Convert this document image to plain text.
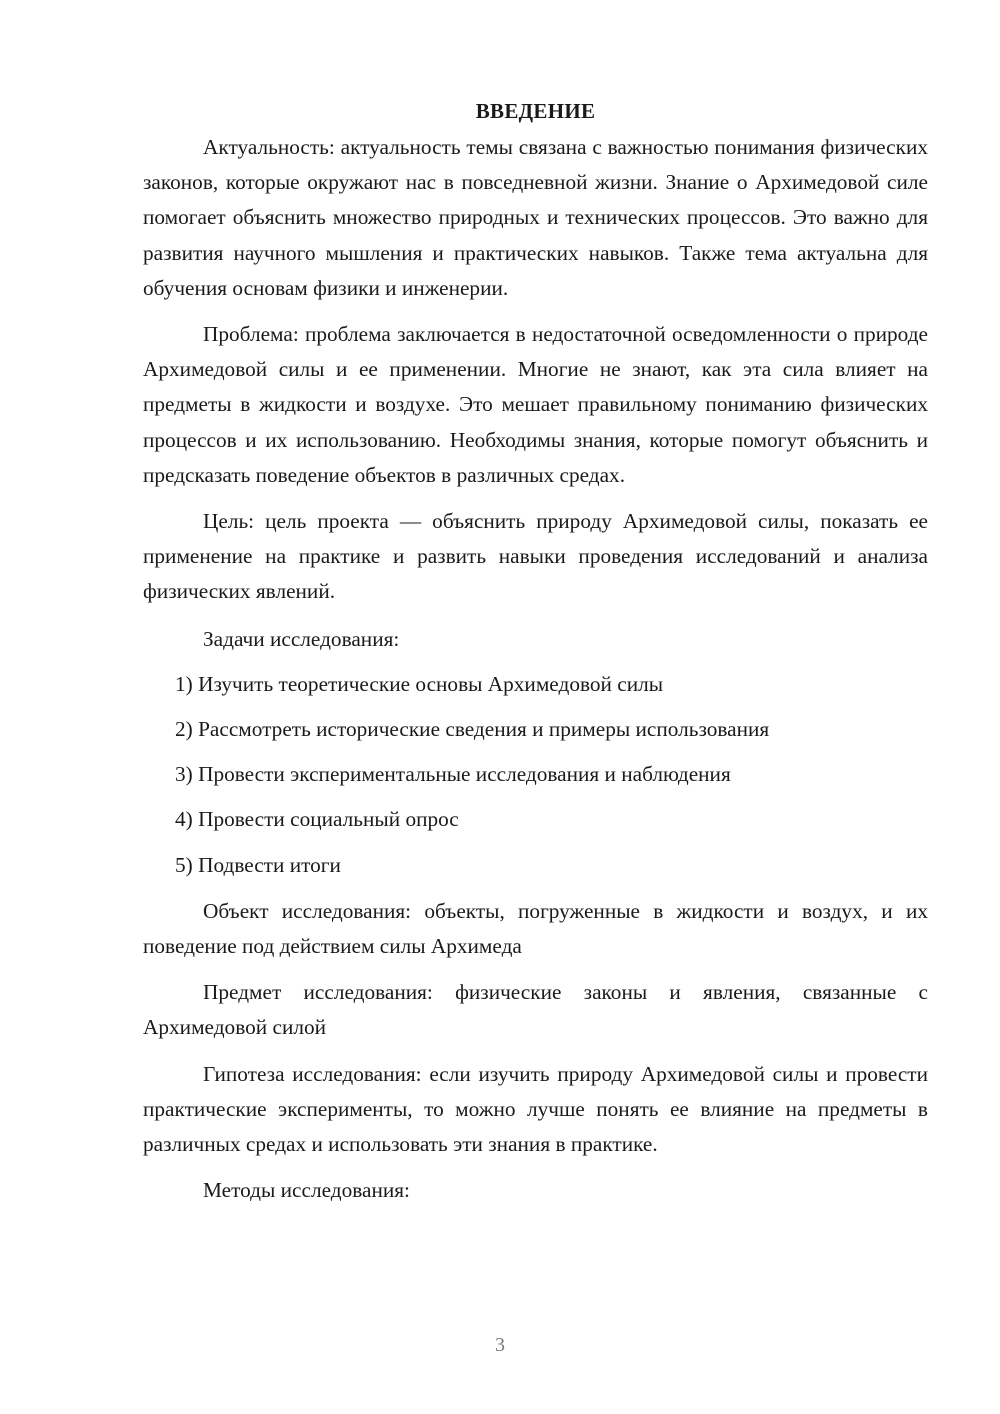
ВВЕДЕНИЕ

Актуальность: актуальность темы связана с важностью понимания физических законов, которые окружают нас в повседневной жизни. Знание о Архимедовой силе помогает объяснить множество природных и технических процессов. Это важно для развития научного мышления и практических навыков. Также тема актуальна для обучения основам физики и инженерии.

Проблема: проблема заключается в недостаточной осведомленности о природе Архимедовой силы и ее применении. Многие не знают, как эта сила влияет на предметы в жидкости и воздухе. Это мешает правильному пониманию физических процессов и их использованию. Необходимы знания, которые помогут объяснить и предсказать поведение объектов в различных средах.

Цель: цель проекта — объяснить природу Архимедовой силы, показать ее применение на практике и развить навыки проведения исследований и анализа физических явлений.

Задачи исследования:

1) Изучить теоретические основы Архимедовой силы

2) Рассмотреть исторические сведения и примеры использования

3) Провести экспериментальные исследования и наблюдения

4) Провести социальный опрос

5) Подвести итоги

Объект исследования: объекты, погруженные в жидкости и воздух, и их поведение под действием силы Архимеда

Предмет исследования: физические законы и явления, связанные с Архимедовой силой

Гипотеза исследования: если изучить природу Архимедовой силы и провести практические эксперименты, то можно лучше понять ее влияние на предметы в различных средах и использовать эти знания в практике.

Методы исследования:

3
